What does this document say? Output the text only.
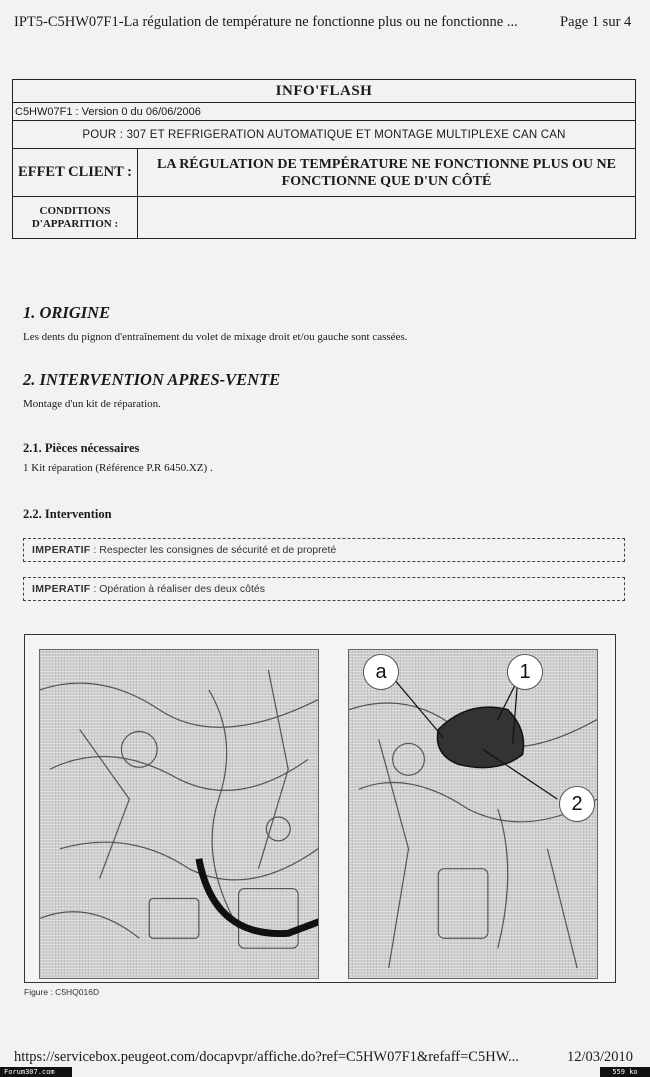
IPT5-C5HW07F1-La régulation de température ne fonctionne plus ou ne fonctionne ...	Page 1 sur 4
INFO'FLASH
C5HW07F1 : Version 0 du 06/06/2006
POUR : 307 ET REFRIGERATION AUTOMATIQUE ET MONTAGE MULTIPLEXE CAN CAN
EFFET CLIENT :	LA RÉGULATION DE TEMPÉRATURE NE FONCTIONNE PLUS OU NE FONCTIONNE QUE D'UN CÔTÉ
CONDITIONS D'APPARITION :
1. ORIGINE
Les dents du pignon d'entraînement du volet de mixage droit et/ou gauche sont cassées.
2. INTERVENTION APRES-VENTE
Montage d'un kit de réparation.
2.1. Pièces nécessaires
1 Kit réparation (Référence P.R 6450.XZ) .
2.2. Intervention
IMPERATIF : Respecter les consignes de sécurité et de propreté
IMPERATIF : Opération à réaliser des deux côtés
a	1
2
Figure : C5HQ016D
https://servicebox.peugeot.com/docapvpr/affiche.do?ref=C5HW07F1&refaff=C5HW...	12/03/2010
Forum307.com	559 ko
